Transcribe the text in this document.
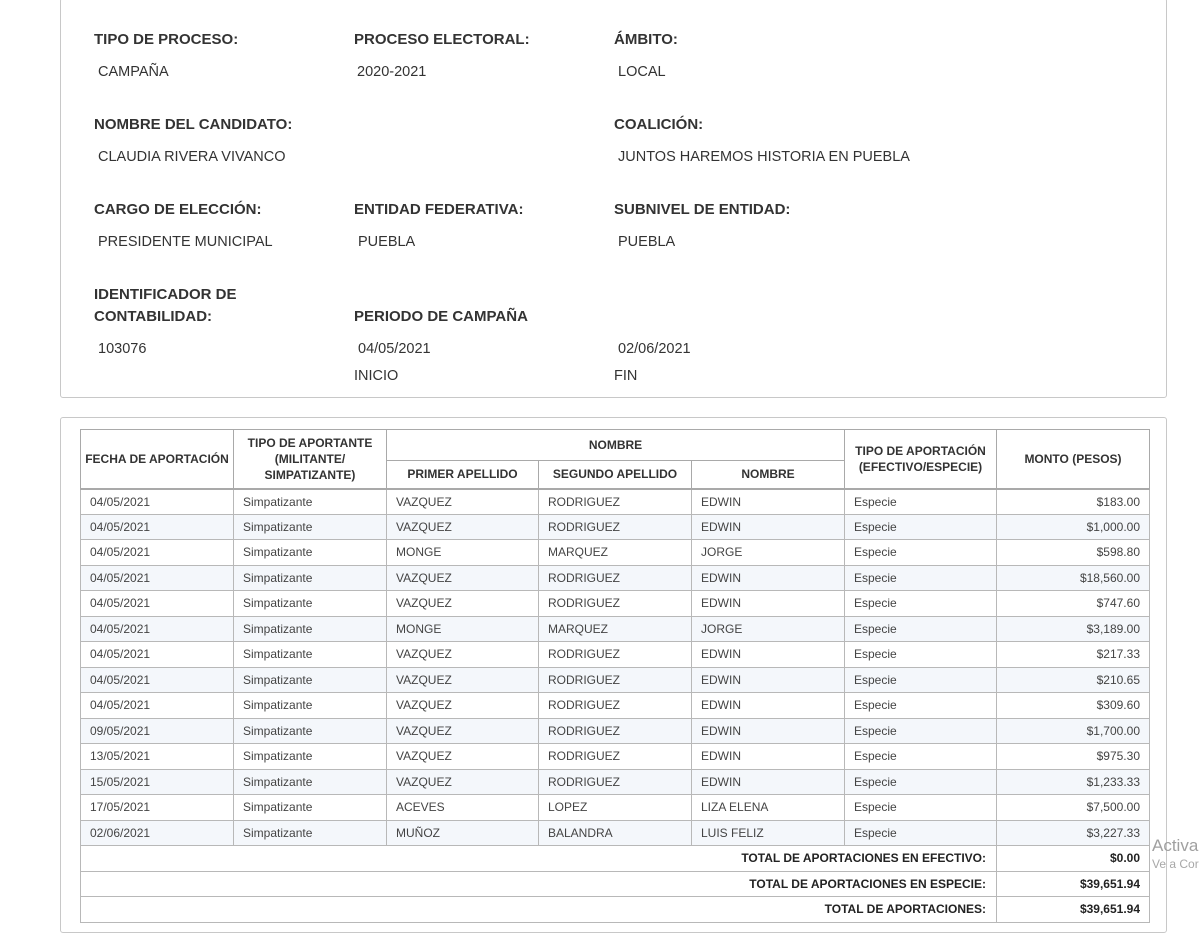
TIPO DE PROCESO:
CAMPAÑA
PROCESO ELECTORAL:
2020-2021
ÁMBITO:
LOCAL
NOMBRE DEL CANDIDATO:
CLAUDIA RIVERA VIVANCO
COALICIÓN:
JUNTOS HAREMOS HISTORIA EN PUEBLA
CARGO DE ELECCIÓN:
PRESIDENTE MUNICIPAL
ENTIDAD FEDERATIVA:
PUEBLA
SUBNIVEL DE ENTIDAD:
PUEBLA
IDENTIFICADOR DE
CONTABILIDAD:
103076
PERIODO DE CAMPAÑA
04/05/2021
INICIO
02/06/2021
FIN
FECHA DE APORTACIÓN	TIPO DE APORTANTE (MILITANTE/ SIMPATIZANTE)	NOMBRE			TIPO DE APORTACIÓN (EFECTIVO/ESPECIE)	MONTO (PESOS)
		PRIMER APELLIDO	SEGUNDO APELLIDO	NOMBRE		
04/05/2021	Simpatizante	VAZQUEZ	RODRIGUEZ	EDWIN	Especie	$183.00
04/05/2021	Simpatizante	VAZQUEZ	RODRIGUEZ	EDWIN	Especie	$1,000.00
04/05/2021	Simpatizante	MONGE	MARQUEZ	JORGE	Especie	$598.80
04/05/2021	Simpatizante	VAZQUEZ	RODRIGUEZ	EDWIN	Especie	$18,560.00
04/05/2021	Simpatizante	VAZQUEZ	RODRIGUEZ	EDWIN	Especie	$747.60
04/05/2021	Simpatizante	MONGE	MARQUEZ	JORGE	Especie	$3,189.00
04/05/2021	Simpatizante	VAZQUEZ	RODRIGUEZ	EDWIN	Especie	$217.33
04/05/2021	Simpatizante	VAZQUEZ	RODRIGUEZ	EDWIN	Especie	$210.65
04/05/2021	Simpatizante	VAZQUEZ	RODRIGUEZ	EDWIN	Especie	$309.60
09/05/2021	Simpatizante	VAZQUEZ	RODRIGUEZ	EDWIN	Especie	$1,700.00
13/05/2021	Simpatizante	VAZQUEZ	RODRIGUEZ	EDWIN	Especie	$975.30
15/05/2021	Simpatizante	VAZQUEZ	RODRIGUEZ	EDWIN	Especie	$1,233.33
17/05/2021	Simpatizante	ACEVES	LOPEZ	LIZA ELENA	Especie	$7,500.00
02/06/2021	Simpatizante	MUÑOZ	BALANDRA	LUIS FELIZ	Especie	$3,227.33
TOTAL DE APORTACIONES EN EFECTIVO:						$0.00
TOTAL DE APORTACIONES EN ESPECIE:						$39,651.94
TOTAL DE APORTACIONES:						$39,651.94
Activa
Ve a Cor
